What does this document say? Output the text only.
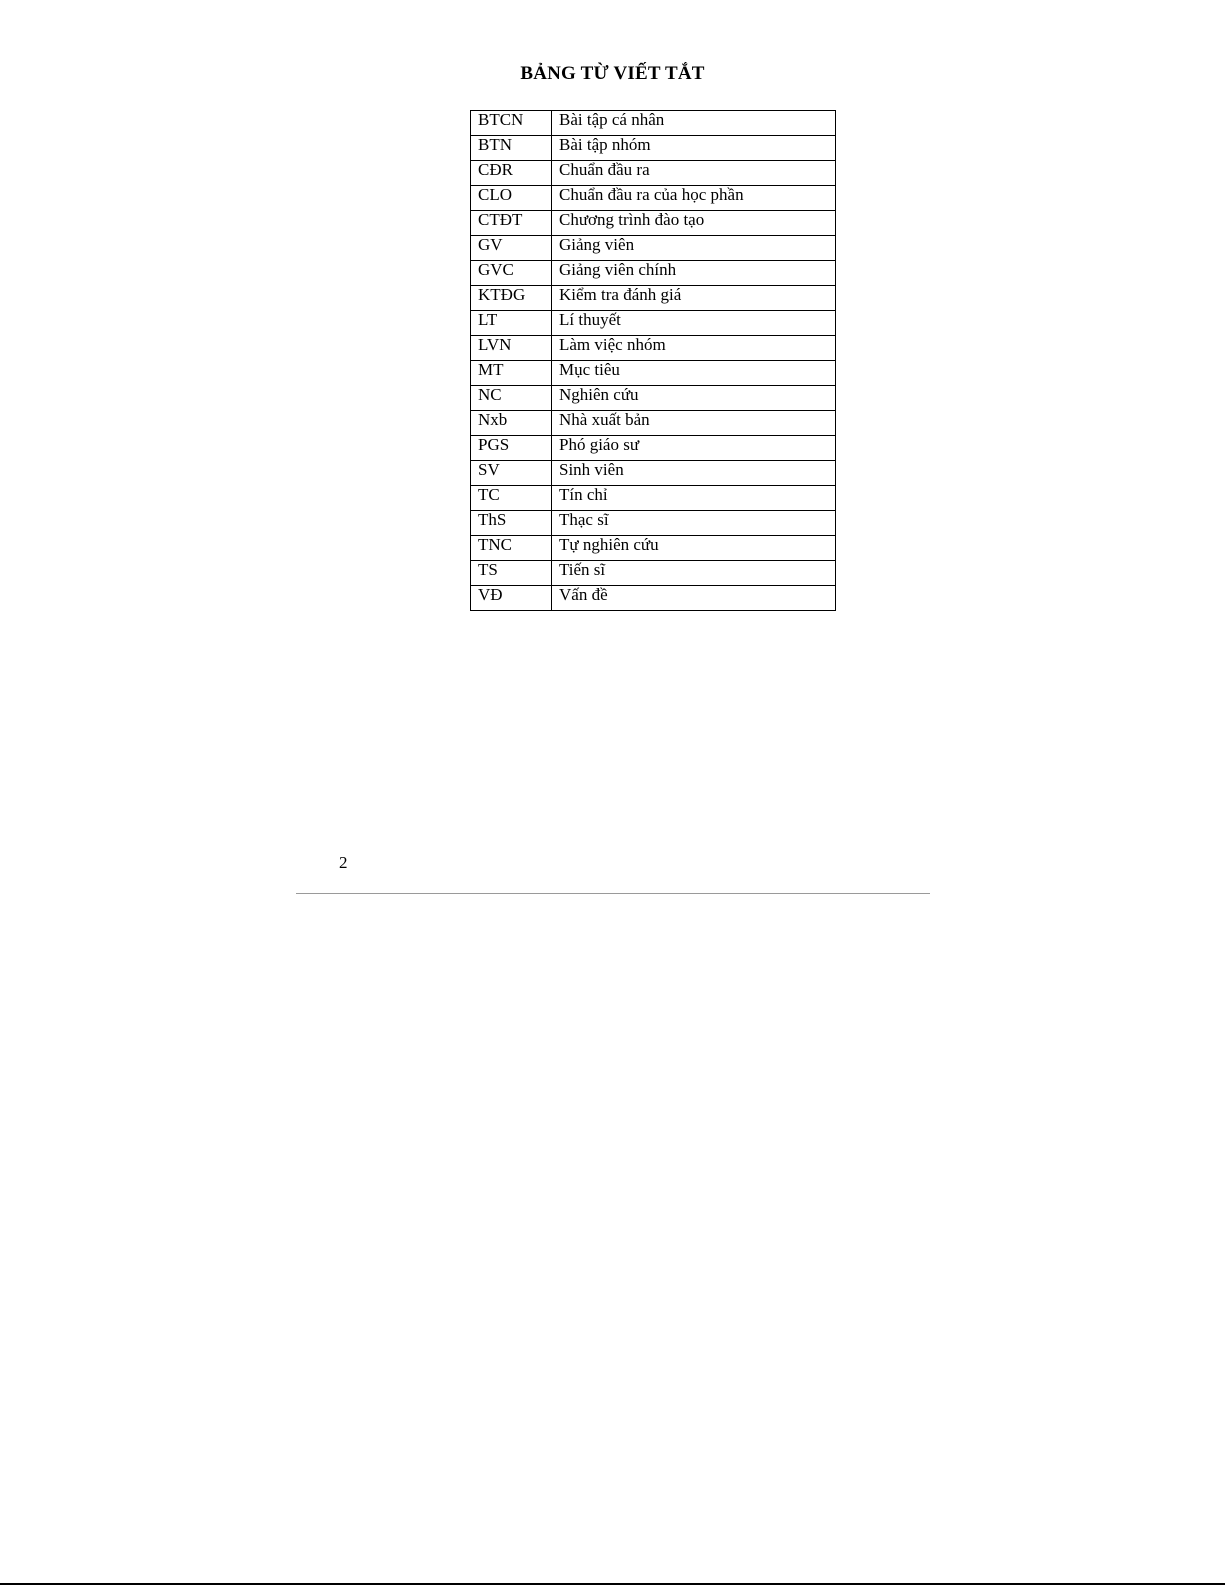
BẢNG TỪ VIẾT TẮT
BTCN	Bài tập cá nhân
BTN	Bài tập nhóm
CĐR	Chuẩn đầu ra
CLO	Chuẩn đầu ra của học phần
CTĐT	Chương trình đào tạo
GV	Giảng viên
GVC	Giảng viên chính
KTĐG	Kiểm tra đánh giá
LT	Lí thuyết
LVN	Làm việc nhóm
MT	Mục tiêu
NC	Nghiên cứu
Nxb	Nhà xuất bản
PGS	Phó giáo sư
SV	Sinh viên
TC	Tín chỉ
ThS	Thạc sĩ
TNC	Tự nghiên cứu
TS	Tiến sĩ
VĐ	Vấn đề
2
